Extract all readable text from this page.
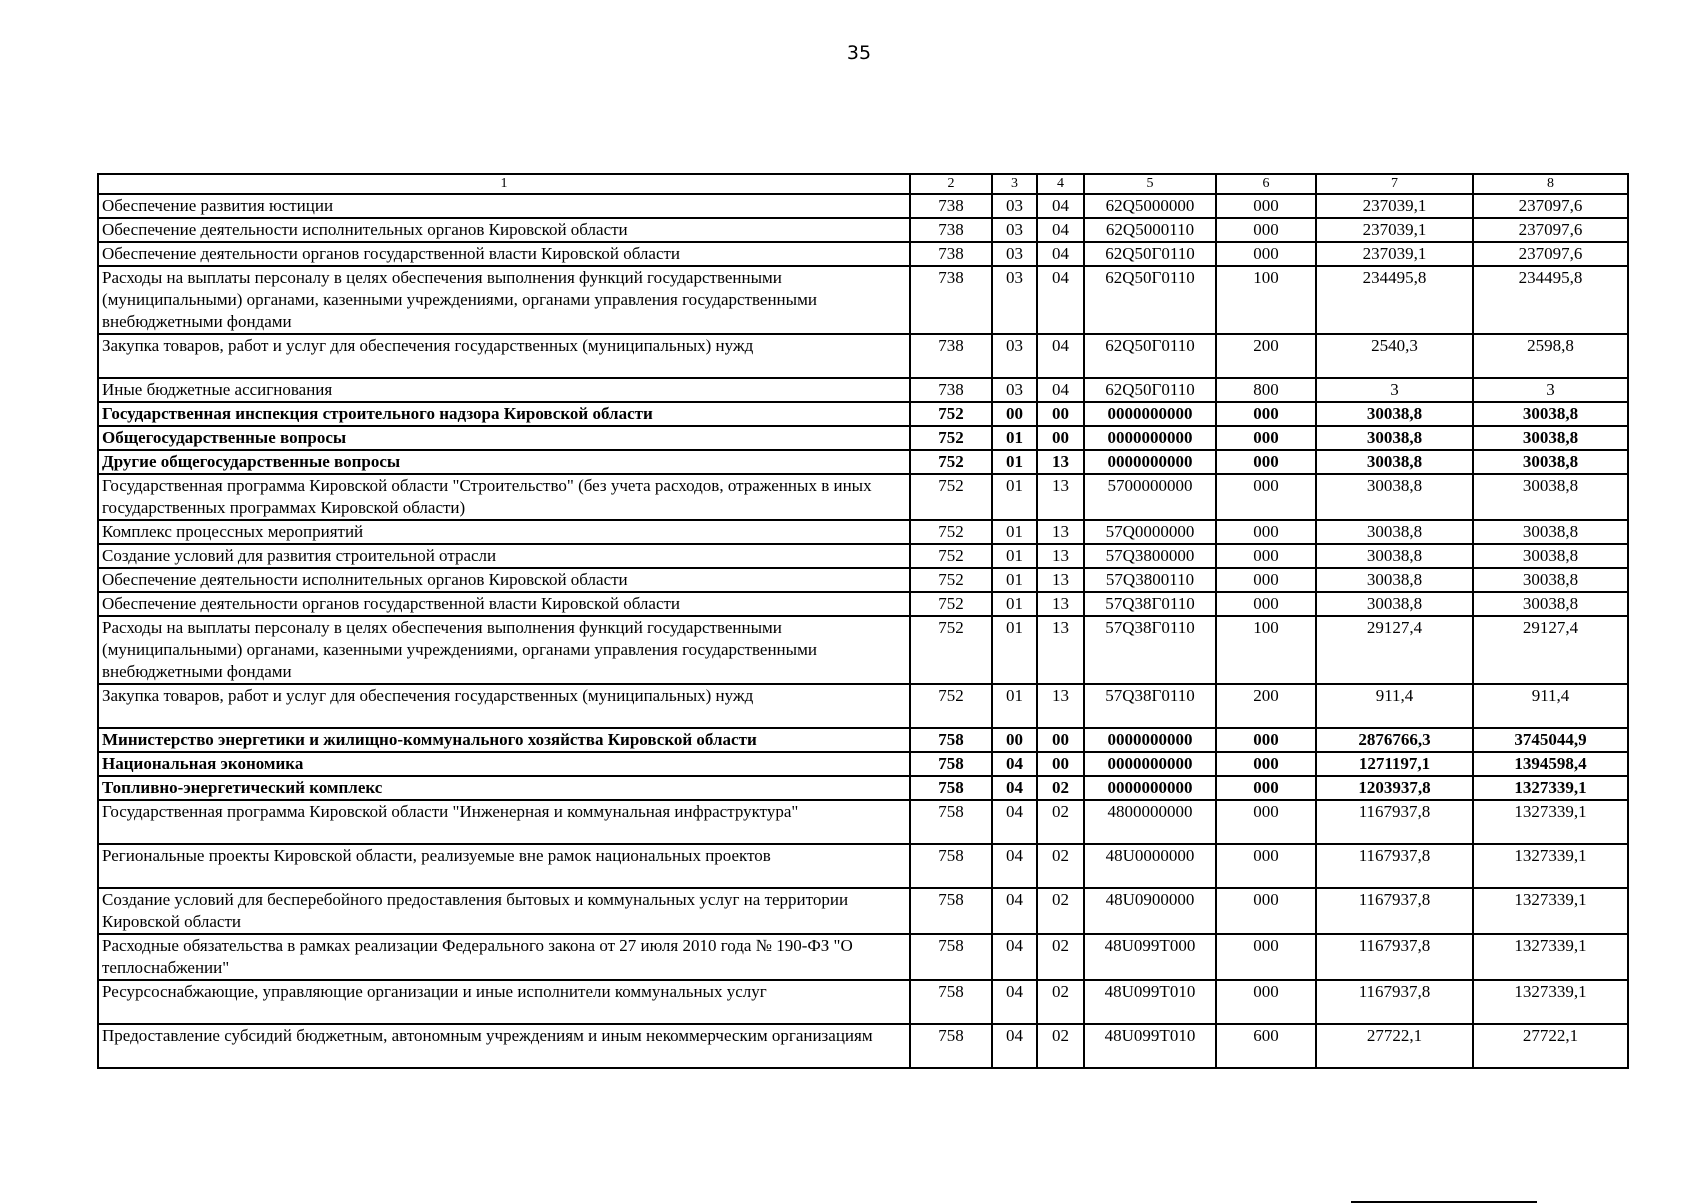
35
1	2	3	4	5	6	7	8
Обеспечение развития юстиции	738	03	04	62Q5000000	000	237039,1	237097,6
Обеспечение деятельности исполнительных органов Кировской области	738	03	04	62Q5000110	000	237039,1	237097,6
Обеспечение деятельности органов государственной власти Кировской области	738	03	04	62Q50Г0110	000	237039,1	237097,6
Расходы на выплаты персоналу в целях обеспечения выполнения функций государственными (муниципальными) органами, казенными учреждениями, органами управления государственными внебюджетными фондами	738	03	04	62Q50Г0110	100	234495,8	234495,8
Закупка товаров, работ и услуг для обеспечения государственных (муниципальных) нужд	738	03	04	62Q50Г0110	200	2540,3	2598,8
Иные бюджетные ассигнования	738	03	04	62Q50Г0110	800	3	3
Государственная инспекция строительного надзора Кировской области	752	00	00	0000000000	000	30038,8	30038,8
Общегосударственные вопросы	752	01	00	0000000000	000	30038,8	30038,8
Другие общегосударственные вопросы	752	01	13	0000000000	000	30038,8	30038,8
Государственная программа Кировской области "Строительство" (без учета расходов, отраженных в иных государственных программах Кировской области)	752	01	13	5700000000	000	30038,8	30038,8
Комплекс процессных мероприятий	752	01	13	57Q0000000	000	30038,8	30038,8
Создание условий для развития строительной отрасли	752	01	13	57Q3800000	000	30038,8	30038,8
Обеспечение деятельности исполнительных органов Кировской области	752	01	13	57Q3800110	000	30038,8	30038,8
Обеспечение деятельности органов государственной власти Кировской области	752	01	13	57Q38Г0110	000	30038,8	30038,8
Расходы на выплаты персоналу в целях обеспечения выполнения функций государственными (муниципальными) органами, казенными учреждениями, органами управления государственными внебюджетными фондами	752	01	13	57Q38Г0110	100	29127,4	29127,4
Закупка товаров, работ и услуг для обеспечения государственных (муниципальных) нужд	752	01	13	57Q38Г0110	200	911,4	911,4
Министерство энергетики и жилищно-коммунального хозяйства Кировской области	758	00	00	0000000000	000	2876766,3	3745044,9
Национальная экономика	758	04	00	0000000000	000	1271197,1	1394598,4
Топливно-энергетический комплекс	758	04	02	0000000000	000	1203937,8	1327339,1
Государственная программа Кировской области "Инженерная и коммунальная инфраструктура"	758	04	02	4800000000	000	1167937,8	1327339,1
Региональные проекты Кировской области, реализуемые вне рамок национальных проектов	758	04	02	48U0000000	000	1167937,8	1327339,1
Создание условий для бесперебойного предоставления бытовых и коммунальных услуг на территории Кировской области	758	04	02	48U0900000	000	1167937,8	1327339,1
Расходные обязательства в рамках реализации Федерального закона от 27 июля 2010 года № 190-ФЗ "О теплоснабжении"	758	04	02	48U099T000	000	1167937,8	1327339,1
Ресурсоснабжающие, управляющие организации и иные исполнители коммунальных услуг	758	04	02	48U099T010	000	1167937,8	1327339,1
Предоставление субсидий бюджетным, автономным учреждениям и иным некоммерческим организациям	758	04	02	48U099T010	600	27722,1	27722,1
